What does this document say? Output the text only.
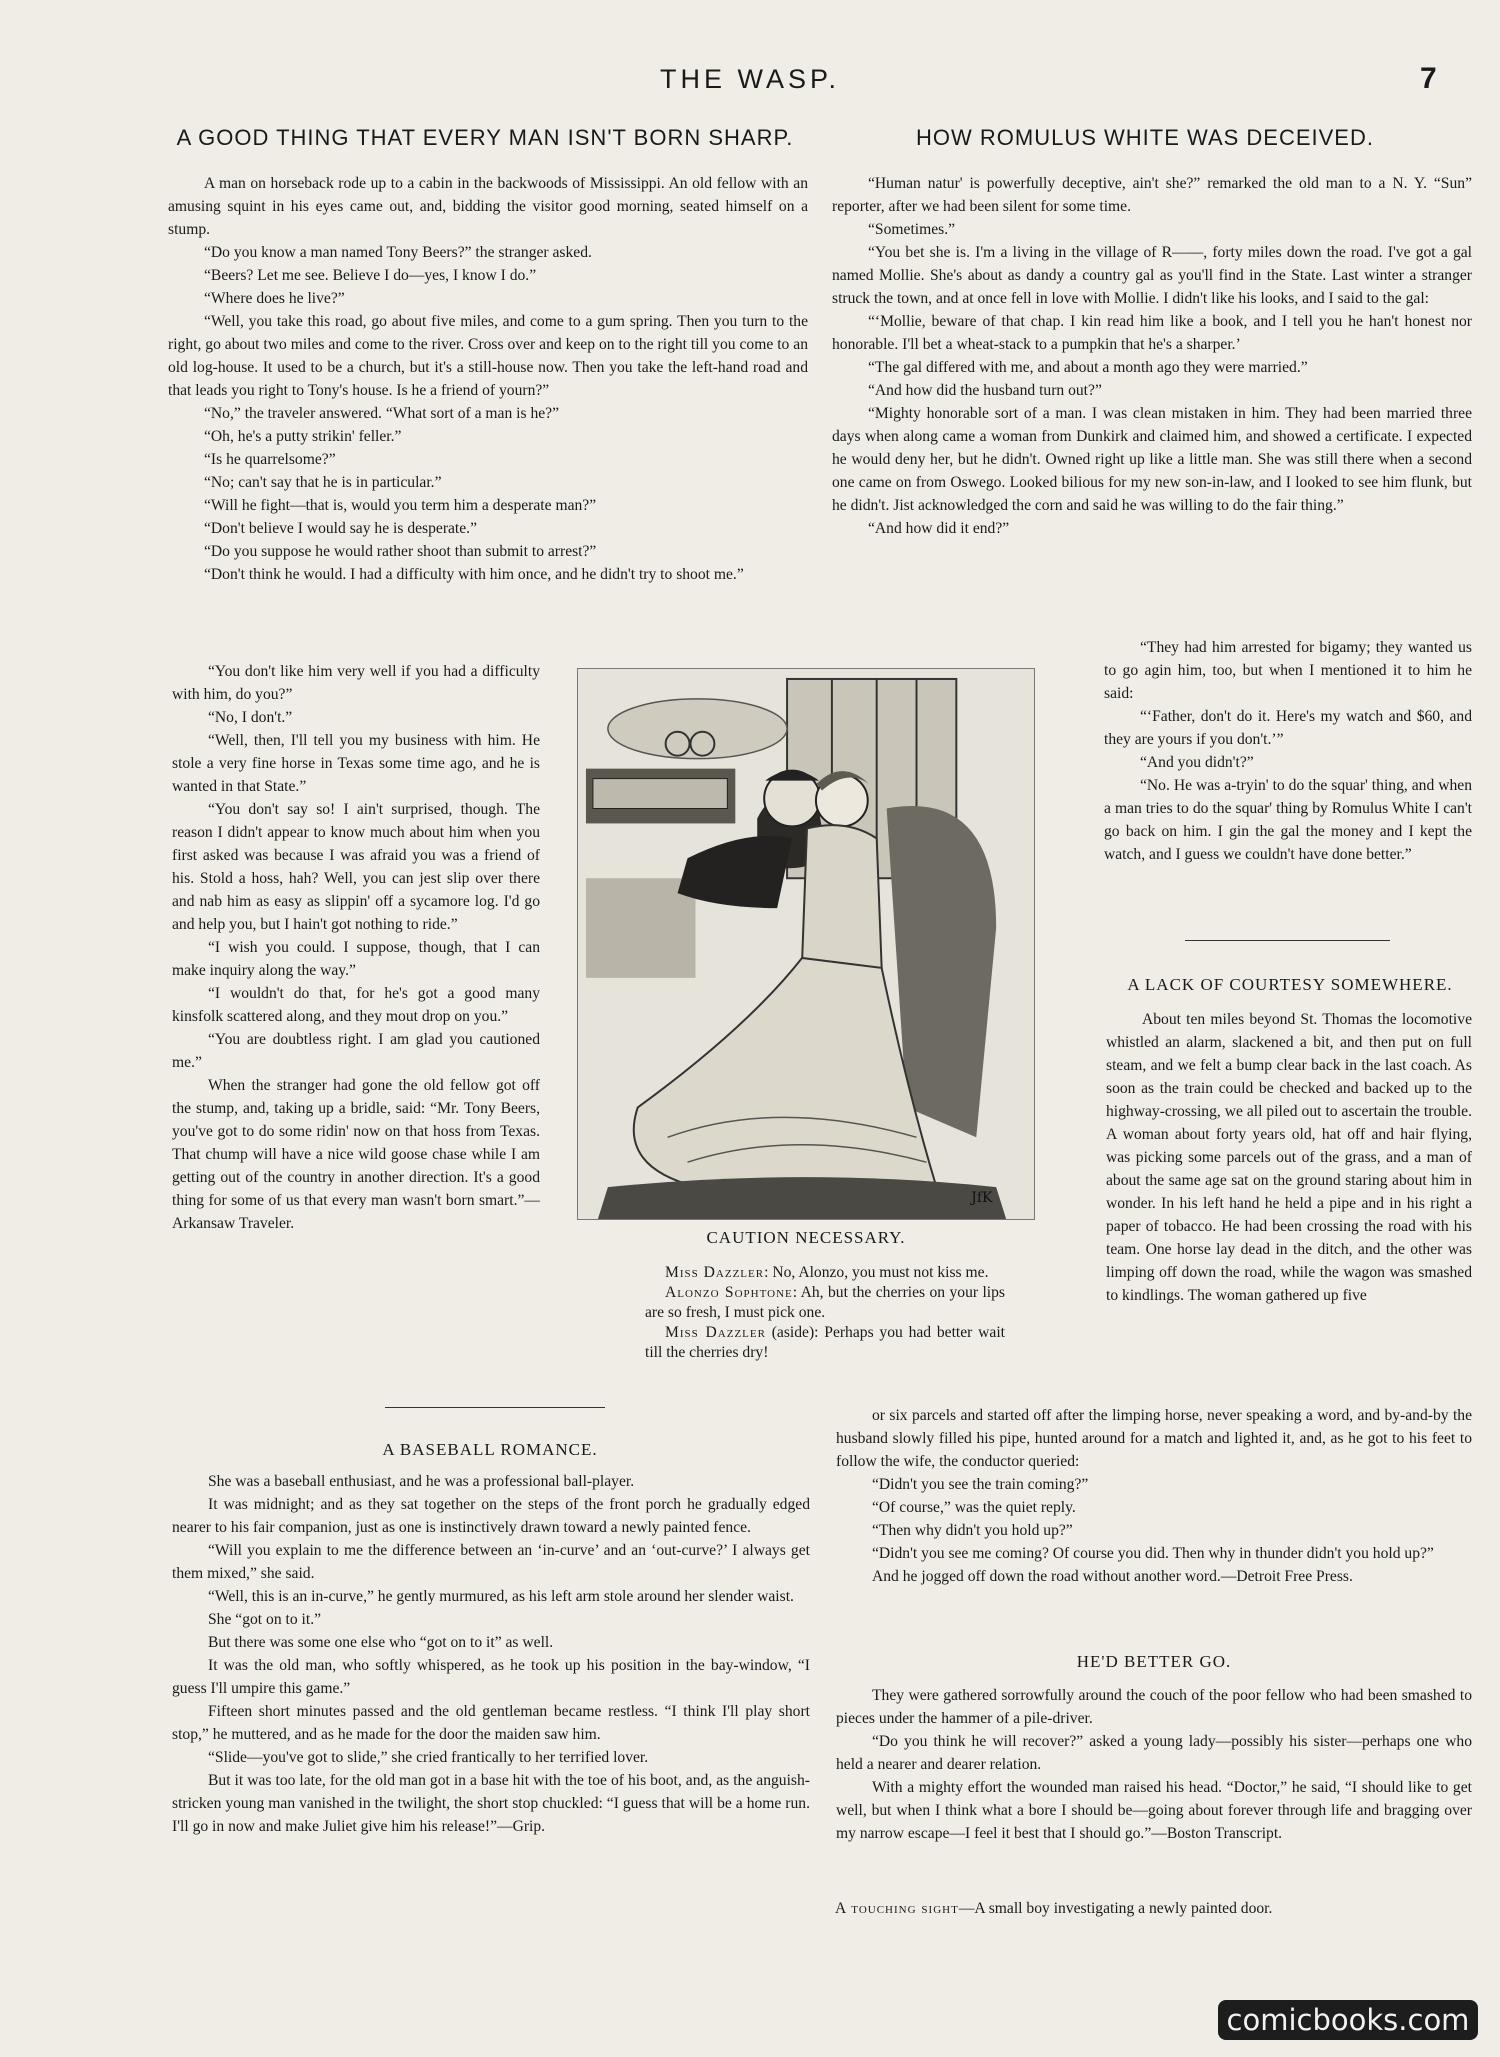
THE WASP.	7
A GOOD THING THAT EVERY MAN ISN'T BORN SHARP.

A man on horseback rode up to a cabin in the backwoods of Mississippi. An old fellow with an amusing squint in his eyes came out, and, bidding the visitor good morning, seated himself on a stump.

“Do you know a man named Tony Beers?” the stranger asked.

“Beers? Let me see. Believe I do—yes, I know I do.”

“Where does he live?”

“Well, you take this road, go about five miles, and come to a gum spring. Then you turn to the right, go about two miles and come to the river. Cross over and keep on to the right till you come to an old log-house. It used to be a church, but it's a still-house now. Then you take the left-hand road and that leads you right to Tony's house. Is he a friend of yourn?”

“No,” the traveler answered. “What sort of a man is he?”

“Oh, he's a putty strikin' feller.”

“Is he quarrelsome?”

“No; can't say that he is in particular.”

“Will he fight—that is, would you term him a desperate man?”

“Don't believe I would say he is desperate.”

“Do you suppose he would rather shoot than submit to arrest?”

“Don't think he would. I had a difficulty with him once, and he didn't try to shoot me.”

“You don't like him very well if you had a difficulty with him, do you?”

“No, I don't.”

“Well, then, I'll tell you my business with him. He stole a very fine horse in Texas some time ago, and he is wanted in that State.”

“You don't say so! I ain't surprised, though. The reason I didn't appear to know much about him when you first asked was because I was afraid you was a friend of his. Stold a hoss, hah? Well, you can jest slip over there and nab him as easy as slippin' off a sycamore log. I'd go and help you, but I hain't got nothing to ride.”

“I wish you could. I suppose, though, that I can make inquiry along the way.”

“I wouldn't do that, for he's got a good many kinsfolk scattered along, and they mout drop on you.”

“You are doubtless right. I am glad you cautioned me.”

When the stranger had gone the old fellow got off the stump, and, taking up a bridle, said: “Mr. Tony Beers, you've got to do some ridin' now on that hoss from Texas. That chump will have a nice wild goose chase while I am getting out of the country in another direction. It's a good thing for some of us that every man wasn't born smart.”—Arkansaw Traveler.

HOW ROMULUS WHITE WAS DECEIVED.

“Human natur' is powerfully deceptive, ain't she?” remarked the old man to a N. Y. “Sun” reporter, after we had been silent for some time.

“Sometimes.”

“You bet she is. I'm a living in the village of R——, forty miles down the road. I've got a gal named Mollie. She's about as dandy a country gal as you'll find in the State. Last winter a stranger struck the town, and at once fell in love with Mollie. I didn't like his looks, and I said to the gal:

“‘Mollie, beware of that chap. I kin read him like a book, and I tell you he han't honest nor honorable. I'll bet a wheat-stack to a pumpkin that he's a sharper.’

“The gal differed with me, and about a month ago they were married.”

“And how did the husband turn out?”

“Mighty honorable sort of a man. I was clean mistaken in him. They had been married three days when along came a woman from Dunkirk and claimed him, and showed a certificate. I expected he would deny her, but he didn't. Owned right up like a little man. She was still there when a second one came on from Oswego. Looked bilious for my new son-in-law, and I looked to see him flunk, but he didn't. Jist acknowledged the corn and said he was willing to do the fair thing.”

“And how did it end?”

“They had him arrested for bigamy; they wanted us to go agin him, too, but when I mentioned it to him he said:

“‘Father, don't do it. Here's my watch and $60, and they are yours if you don't.’”

“And you didn't?”

“No. He was a-tryin' to do the squar' thing, and when a man tries to do the squar' thing by Romulus White I can't go back on him. I gin the gal the money and I kept the watch, and I guess we couldn't have done better.”

JfK
CAUTION NECESSARY.

Miss Dazzler: No, Alonzo, you must not kiss me.

Alonzo Sophtone: Ah, but the cherries on your lips are so fresh, I must pick one.

Miss Dazzler (aside): Perhaps you had better wait till the cherries dry!

A LACK OF COURTESY SOMEWHERE.

About ten miles beyond St. Thomas the locomotive whistled an alarm, slackened a bit, and then put on full steam, and we felt a bump clear back in the last coach. As soon as the train could be checked and backed up to the highway-crossing, we all piled out to ascertain the trouble. A woman about forty years old, hat off and hair flying, was picking some parcels out of the grass, and a man of about the same age sat on the ground staring about him in wonder. In his left hand he held a pipe and in his right a paper of tobacco. He had been crossing the road with his team. One horse lay dead in the ditch, and the other was limping off down the road, while the wagon was smashed to kindlings. The woman gathered up five

or six parcels and started off after the limping horse, never speaking a word, and by-and-by the husband slowly filled his pipe, hunted around for a match and lighted it, and, as he got to his feet to follow the wife, the conductor queried:

“Didn't you see the train coming?”

“Of course,” was the quiet reply.

“Then why didn't you hold up?”

“Didn't you see me coming? Of course you did. Then why in thunder didn't you hold up?”

And he jogged off down the road without another word.—Detroit Free Press.

A BASEBALL ROMANCE.

She was a baseball enthusiast, and he was a professional ball-player.

It was midnight; and as they sat together on the steps of the front porch he gradually edged nearer to his fair companion, just as one is instinctively drawn toward a newly painted fence.

“Will you explain to me the difference between an ‘in-curve’ and an ‘out-curve?’ I always get them mixed,” she said.

“Well, this is an in-curve,” he gently murmured, as his left arm stole around her slender waist.

She “got on to it.”

But there was some one else who “got on to it” as well.

It was the old man, who softly whispered, as he took up his position in the bay-window, “I guess I'll umpire this game.”

Fifteen short minutes passed and the old gentleman became restless. “I think I'll play short stop,” he muttered, and as he made for the door the maiden saw him.

“Slide—you've got to slide,” she cried frantically to her terrified lover.

But it was too late, for the old man got in a base hit with the toe of his boot, and, as the anguish-stricken young man vanished in the twilight, the short stop chuckled: “I guess that will be a home run. I'll go in now and make Juliet give him his release!”—Grip.

HE'D BETTER GO.

They were gathered sorrowfully around the couch of the poor fellow who had been smashed to pieces under the hammer of a pile-driver.

“Do you think he will recover?” asked a young lady—possibly his sister—perhaps one who held a nearer and dearer relation.

With a mighty effort the wounded man raised his head. “Doctor,” he said, “I should like to get well, but when I think what a bore I should be—going about forever through life and bragging over my narrow escape—I feel it best that I should go.”—Boston Transcript.

A touching sight—A small boy investigating a newly painted door.
comicbooks.com
